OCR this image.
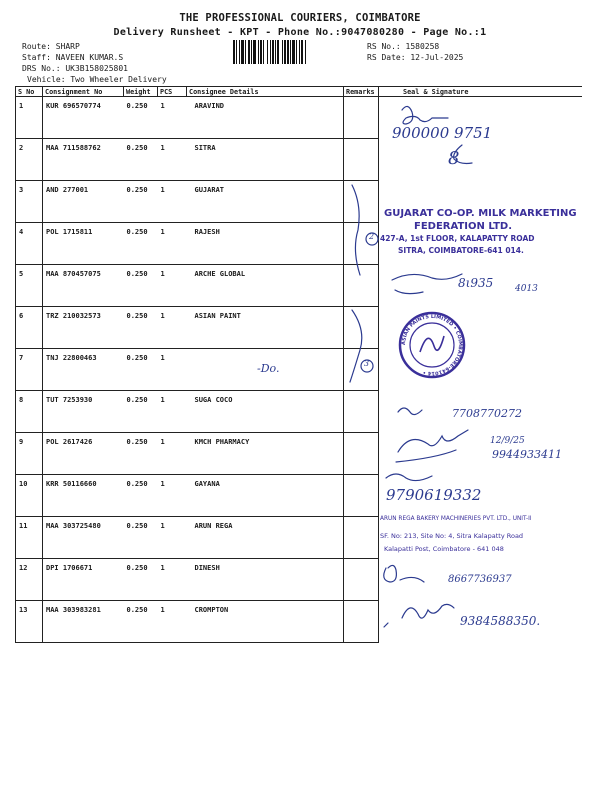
THE PROFESSIONAL COURIERS, COIMBATORE
Delivery Runsheet - KPT - Phone No.:9047080280 - Page No.:1
Route: SHARP
Staff: NAVEEN KUMAR.S
DRS No.: UK3B158025801
Vehicle: Two Wheeler Delivery
RS No.: 1580258
RS Date: 12-Jul-2025
S No	Consignment No	Weight	PCS	Consignee Details	Remarks	Seal & Signature
1	KUR 696570774	0.250	1	ARAVIND		
2	MAA 711588762	0.250	1	SITRA		
3	AND 277001	0.250	1	GUJARAT		
4	POL 1715811	0.250	1	RAJESH		
5	MAA 870457075	0.250	1	ARCHE GLOBAL		
6	TRZ 210032573	0.250	1	ASIAN PAINT		
7	TNJ 22800463	0.250	1			
8	TUT 7253930	0.250	1	SUGA COCO		
9	POL 2617426	0.250	1	KMCH PHARMACY		
10	KRR 50116660	0.250	1	GAYANA		
11	MAA 303725480	0.250	1	ARUN REGA		
12	DPI 1706671	0.250	1	DINESH		
13	MAA 303983281	0.250	1	CROMPTON		
ASIAN PAINTS LIMITED • COIMBATORE-641014 •
900000 9751
8
-Do.
2
3
8ι935 4013
7708770272
12/9/25
9944933411
9790619332
8667736937
9384588350.
GUJARAT CO-OP. MILK MARKETING
FEDERATION LTD.
427-A, 1st FLOOR, KALAPATTY ROAD
SITRA, COIMBATORE-641 014.
ARUN REGA BAKERY MACHINERIES PVT. LTD., UNIT-II
SF. No: 213, Site No: 4, Sitra Kalapatty Road
Kalapatti Post, Coimbatore - 641 048
